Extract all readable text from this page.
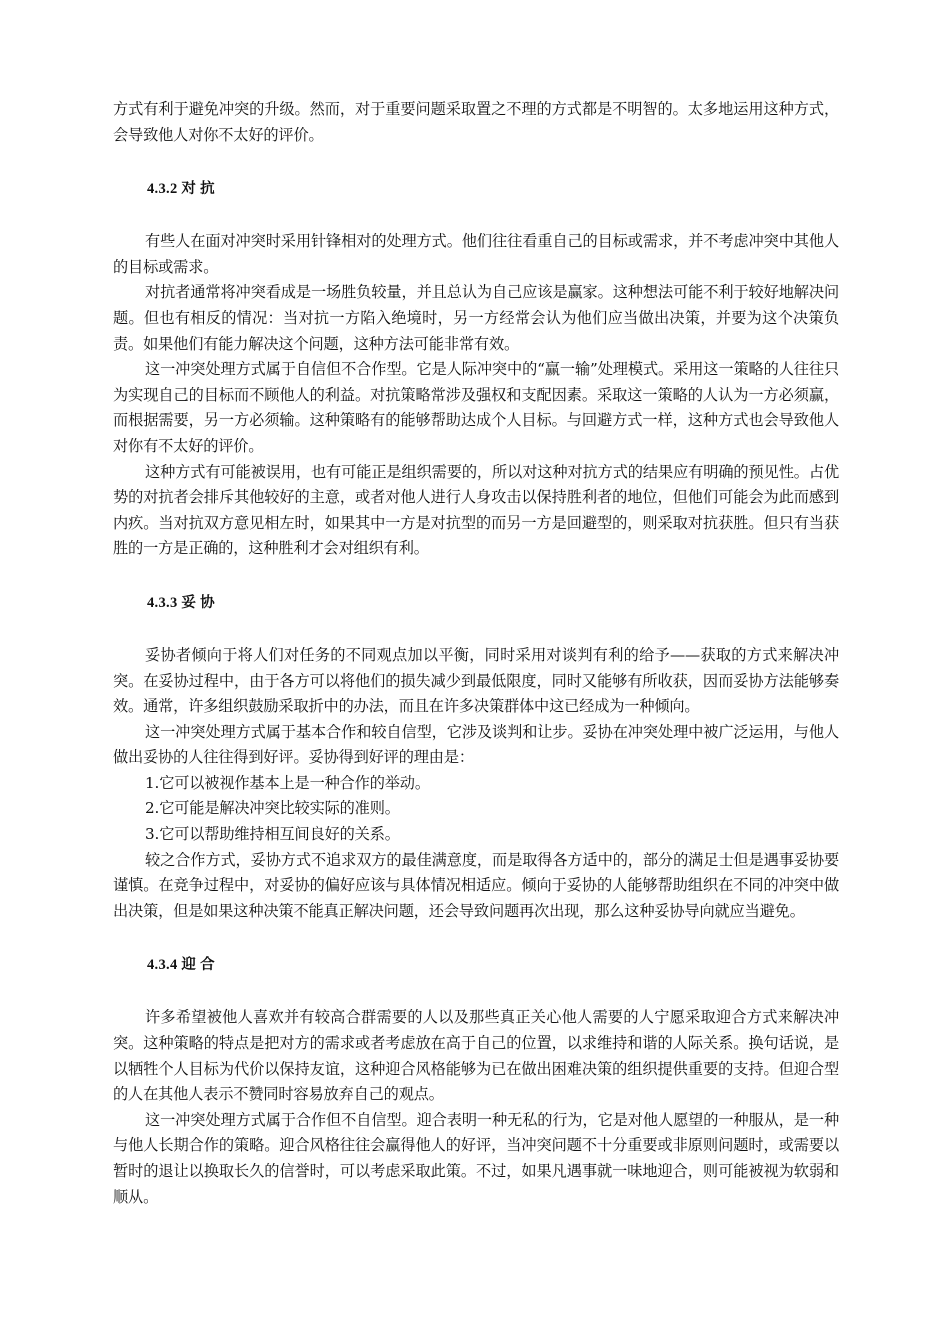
方式有利于避免冲突的升级。然而，对于重要问题采取置之不理的方式都是不明智的。太多地运用这种方式，会导致他人对你不太好的评价。

4.3.2 对 抗

有些人在面对冲突时采用针锋相对的处理方式。他们往往看重自己的目标或需求，并不考虑冲突中其他人的目标或需求。

对抗者通常将冲突看成是一场胜负较量，并且总认为自己应该是赢家。这种想法可能不利于较好地解决问题。但也有相反的情况：当对抗一方陷入绝境时，另一方经常会认为他们应当做出决策，并要为这个决策负责。如果他们有能力解决这个问题，这种方法可能非常有效。

这一冲突处理方式属于自信但不合作型。它是人际冲突中的“赢一输”处理模式。采用这一策略的人往往只为实现自己的目标而不顾他人的利益。对抗策略常涉及强权和支配因素。采取这一策略的人认为一方必须赢，而根据需要，另一方必须输。这种策略有的能够帮助达成个人目标。与回避方式一样，这种方式也会导致他人对你有不太好的评价。

这种方式有可能被误用，也有可能正是组织需要的，所以对这种对抗方式的结果应有明确的预见性。占优势的对抗者会排斥其他较好的主意，或者对他人进行人身攻击以保持胜利者的地位，但他们可能会为此而感到内疚。当对抗双方意见相左时，如果其中一方是对抗型的而另一方是回避型的，则采取对抗获胜。但只有当获胜的一方是正确的，这种胜利才会对组织有利。

4.3.3 妥 协

妥协者倾向于将人们对任务的不同观点加以平衡，同时采用对谈判有利的给予——获取的方式来解决冲突。在妥协过程中，由于各方可以将他们的损失减少到最低限度，同时又能够有所收获，因而妥协方法能够奏效。通常，许多组织鼓励采取折中的办法，而且在许多决策群体中这已经成为一种倾向。

这一冲突处理方式属于基本合作和较自信型，它涉及谈判和让步。妥协在冲突处理中被广泛运用，与他人做出妥协的人往往得到好评。妥协得到好评的理由是：

1.它可以被视作基本上是一种合作的举动。

2.它可能是解决冲突比较实际的准则。

3.它可以帮助维持相互间良好的关系。

较之合作方式，妥协方式不追求双方的最佳满意度，而是取得各方适中的，部分的满足士但是遇事妥协要谨慎。在竞争过程中，对妥协的偏好应该与具体情况相适应。倾向于妥协的人能够帮助组织在不同的冲突中做出决策，但是如果这种决策不能真正解决问题，还会导致问题再次出现，那么这种妥协导向就应当避免。

4.3.4 迎 合

许多希望被他人喜欢并有较高合群需要的人以及那些真正关心他人需要的人宁愿采取迎合方式来解决冲突。这种策略的特点是把对方的需求或者考虑放在高于自己的位置，以求维持和谐的人际关系。换句话说，是以牺牲个人目标为代价以保持友谊，这种迎合风格能够为已在做出困难决策的组织提供重要的支持。但迎合型的人在其他人表示不赞同时容易放弃自己的观点。

这一冲突处理方式属于合作但不自信型。迎合表明一种无私的行为，它是对他人愿望的一种服从，是一种与他人长期合作的策略。迎合风格往往会赢得他人的好评，当冲突问题不十分重要或非原则问题时，或需要以暂时的退让以换取长久的信誉时，可以考虑采取此策。不过，如果凡遇事就一味地迎合，则可能被视为软弱和顺从。
